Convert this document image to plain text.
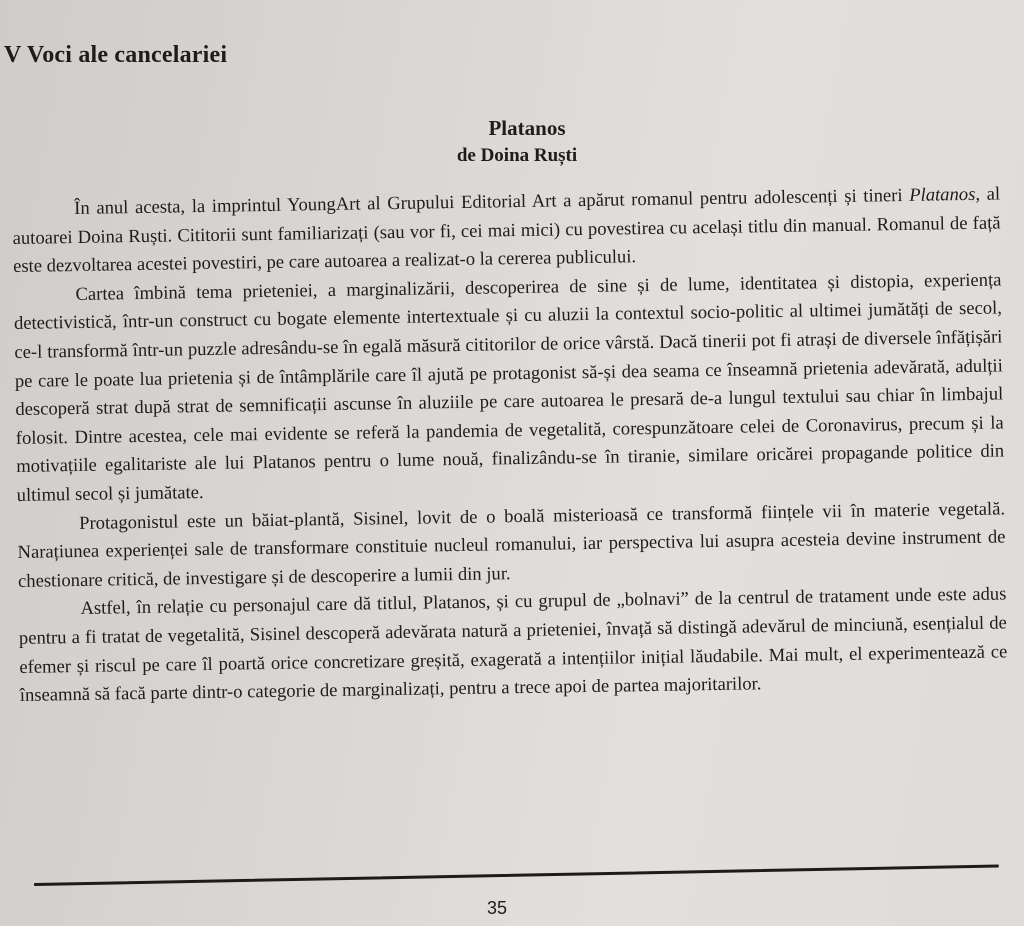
V Voci ale cancelariei
Platanos
de Doina Ruști

În anul acesta, la imprintul YoungArt al Grupului Editorial Art a apărut romanul pentru adolescenți și tineri Platanos, al autoarei Doina Ruști. Cititorii sunt familiarizați (sau vor fi, cei mai mici) cu povestirea cu același titlu din manual. Romanul de față este dezvoltarea acestei povestiri, pe care autoarea a realizat-o la cererea publicului.

Cartea îmbină tema prieteniei, a marginalizării, descoperirea de sine și de lume, identitatea și distopia, experiența detectivistică, într-un construct cu bogate elemente intertextuale și cu aluzii la contextul socio-politic al ultimei jumătăți de secol, ce-l transformă într-un puzzle adresându-se în egală măsură cititorilor de orice vârstă. Dacă tinerii pot fi atrași de diversele înfățișări pe care le poate lua prietenia și de întâmplările care îl ajută pe protagonist să-și dea seama ce înseamnă prietenia adevărată, adulții descoperă strat după strat de semnificații ascunse în aluziile pe care autoarea le presară de-a lungul textului sau chiar în limbajul folosit. Dintre acestea, cele mai evidente se referă la pandemia de vegetalită, corespunzătoare celei de Coronavirus, precum și la motivațiile egalitariste ale lui Platanos pentru o lume nouă, finalizându-se în tiranie, similare oricărei propagande politice din ultimul secol și jumătate.

Protagonistul este un băiat-plantă, Sisinel, lovit de o boală misterioasă ce transformă ființele vii în materie vegetală. Narațiunea experienței sale de transformare constituie nucleul romanului, iar perspectiva lui asupra acesteia devine instrument de chestionare critică, de investigare și de descoperire a lumii din jur.

Astfel, în relație cu personajul care dă titlul, Platanos, și cu grupul de „bolnavi” de la centrul de tratament unde este adus pentru a fi tratat de vegetalită, Sisinel descoperă adevărata natură a prieteniei, învață să distingă adevărul de minciună, esențialul de efemer și riscul pe care îl poartă orice concretizare greșită, exagerată a intențiilor inițial lăudabile. Mai mult, el experimentează ce înseamnă să facă parte dintr-o categorie de marginalizați, pentru a trece apoi de partea majoritarilor.

35
